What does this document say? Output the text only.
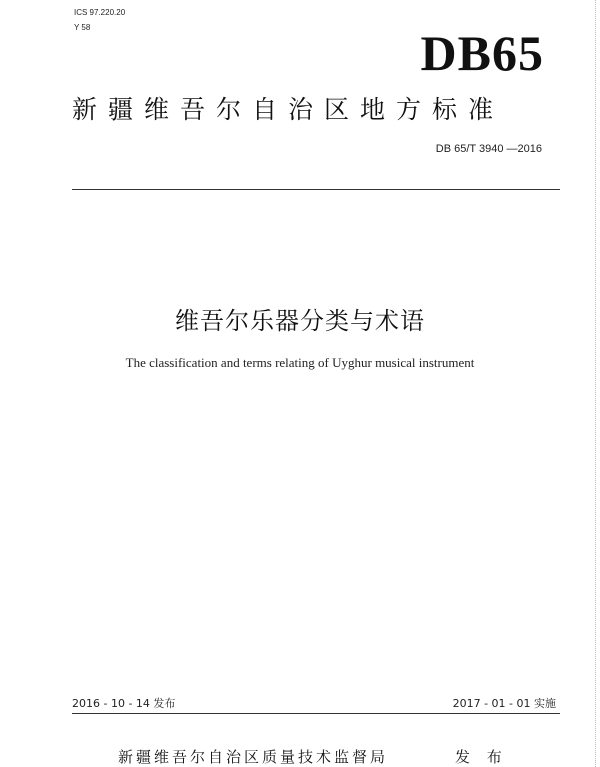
ICS 97.220.20
Y 58	DB65
新疆维吾尔自治区地方标准
DB 65/T 3940 —2016
维吾尔乐器分类与术语
The classification and terms relating of Uyghur musical instrument
2016 - 10 - 14 发布	2017 - 01 - 01 实施
新疆维吾尔自治区质量技术监督局	发 布
